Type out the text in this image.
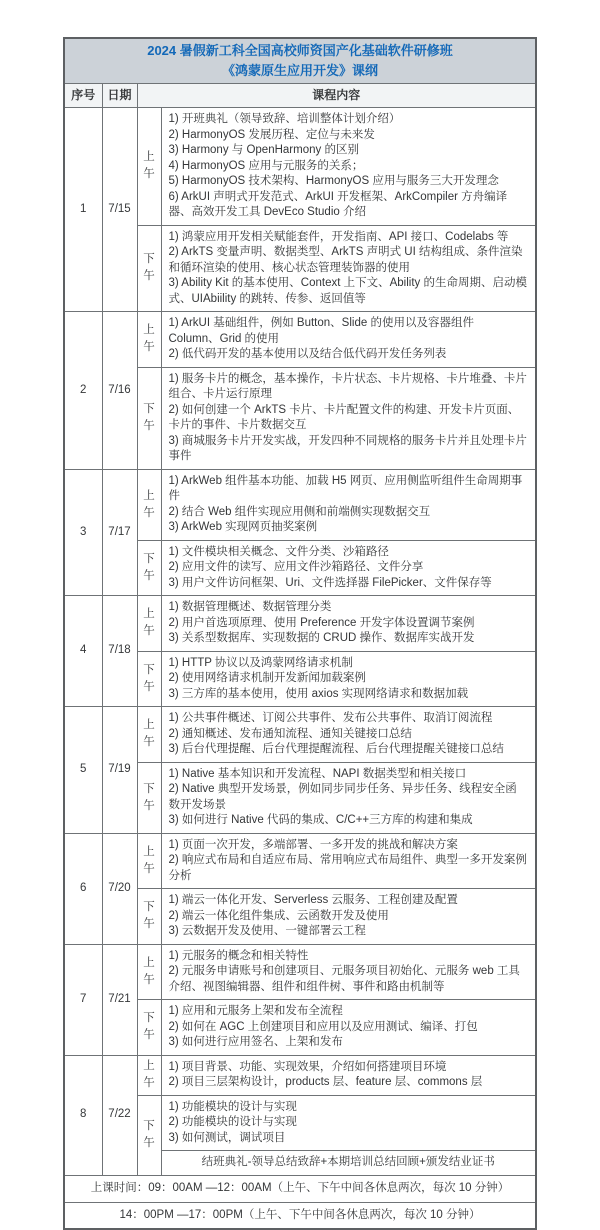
2024 暑假新工科全国高校师资国产化基础软件研修班
《鸿蒙原生应用开发》课纲			

序号	日期	课程内容	
1	7/15	上午	
1) 开班典礼（领导致辞、培训整体计划介绍）
2) HarmonyOS 发展历程、定位与未来发
3) Harmony 与 OpenHarmony 的区别
4) HarmonyOS 应用与元服务的关系；
5) HarmonyOS 技术架构、HarmonyOS 应用与服务三大开发理念
6) ArkUI 声明式开发范式、ArkUI 开发框架、ArkCompiler 方舟编译器、高效开发工具 DevEco Studio 介绍

		下午	1) 鸿蒙应用开发相关赋能套件，开发指南、API 接口、Codelabs 等
2) ArkTS 变量声明、数据类型、ArkTS 声明式 UI 结构组成、条件渲染和循环渲染的使用、核心状态管理装饰器的使用
3) Ability Kit 的基本使用、Context 上下文、Ability 的生命周期、启动模式、UIAbiility 的跳转、传参、返回值等

2	7/16	上午	1) ArkUI 基础组件，例如 Button、Slide 的使用以及容器组件 Column、Grid 的使用
2) 低代码开发的基本使用以及结合低代码开发任务列表

		下午	1) 服务卡片的概念，基本操作，卡片状态、卡片规格、卡片堆叠、卡片组合、卡片运行原理
2) 如何创建一个 ArkTS 卡片、卡片配置文件的构建、开发卡片页面、卡片的事件、卡片数据交互
3) 商城服务卡片开发实战，开发四种不同规格的服务卡片并且处理卡片事件

3	7/17	上午	1) ArkWeb 组件基本功能、加载 H5 网页、应用侧监听组件生命周期事件
2) 结合 Web 组件实现应用侧和前端侧实现数据交互
3) ArkWeb 实现网页抽奖案例

		下午	1) 文件模块相关概念、文件分类、沙箱路径
2) 应用文件的读写、应用文件沙箱路径、文件分享
3) 用户文件访问框架、Uri、文件选择器 FilePicker、文件保存等

4	7/18	上午	1) 数据管理概述、数据管理分类
2) 用户首选项原理、使用 Preference 开发字体设置调节案例
3) 关系型数据库、实现数据的 CRUD 操作、数据库实战开发

		下午	1) HTTP 协议以及鸿蒙网络请求机制
2) 使用网络请求机制开发新闻加载案例
3) 三方库的基本使用，使用 axios 实现网络请求和数据加载

5	7/19	上午	1) 公共事件概述、订阅公共事件、发布公共事件、取消订阅流程
2) 通知概述、发布通知流程、通知关键接口总结
3) 后台代理提醒、后台代理提醒流程、后台代理提醒关键接口总结

		下午	1) Native 基本知识和开发流程、NAPI 数据类型和相关接口
2) Native 典型开发场景，例如同步同步任务、异步任务、线程安全函数开发场景
3) 如何进行 Native 代码的集成、C/C++三方库的构建和集成

6	7/20	上午	1) 页面一次开发，多端部署、一多开发的挑战和解决方案
2) 响应式布局和自适应布局、常用响应式布局组件、典型一多开发案例分析

		下午	1) 端云一体化开发、Serverless 云服务、工程创建及配置
2) 端云一体化组件集成、云函数开发及使用
3) 云数据开发及使用、一键部署云工程

7	7/21	上午	1) 元服务的概念和相关特性
2) 元服务申请账号和创建项目、元服务项目初始化、元服务 web 工具介绍、视图编辑器、组件和组件树、事件和路由机制等

		下午	1) 应用和元服务上架和发布全流程
2) 如何在 AGC 上创建项目和应用以及应用测试、编译、打包
3) 如何进行应用签名、上架和发布

8	7/22	上午	1) 项目背景、功能、实现效果，介绍如何搭建项目环境
2) 项目三层架构设计，products 层、feature 层、commons 层

		下午	1) 功能模块的设计与实现
2) 功能模块的设计与实现
3) 如何测试，调试项目

			结班典礼-领导总结致辞+本期培训总结回顾+颁发结业证书
上课时间：09：00AM —12：00AM（上午、下午中间各休息两次，每次 10 分钟）			
14：00PM —17：00PM（上午、下午中间各休息两次，每次 10 分钟）			
